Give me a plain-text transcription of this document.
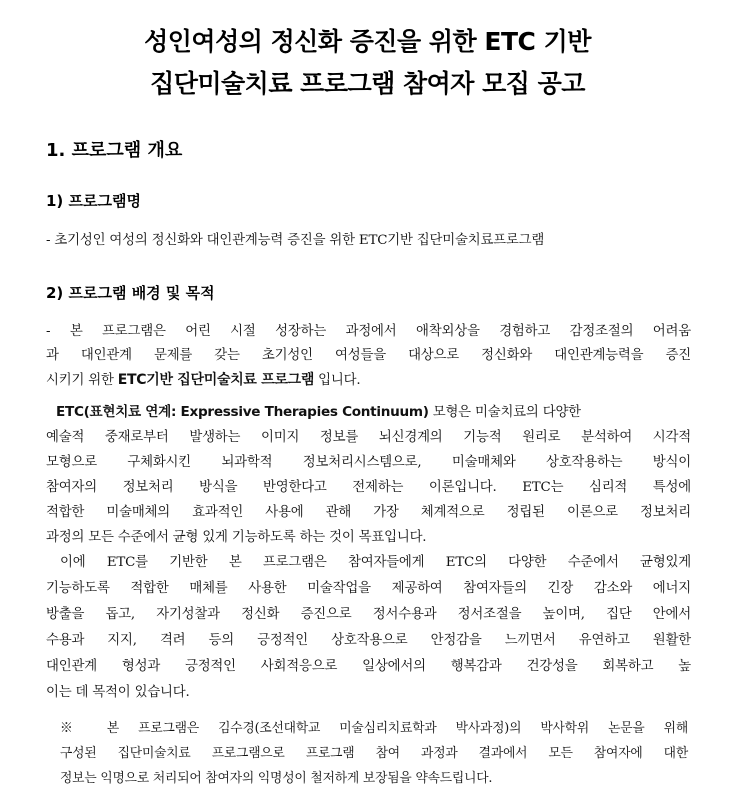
성인여성의 정신화 증진을 위한 ETC 기반
집단미술치료 프로그램 참여자 모집 공고
1. 프로그램 개요
1) 프로그램명
- 초기성인 여성의 정신화와 대인관계능력 증진을 위한 ETC기반 집단미술치료프로그램
2) 프로그램 배경 및 목적
- 본 프로그램은 어린 시절 성장하는 과정에서 애착외상을 경험하고 감정조절의 어려움
과 대인관계 문제를 갖는 초기성인 여성들을 대상으로 정신화와 대인관계능력을 증진
시키기 위한 ETC기반 집단미술치료 프로그램 입니다.
ETC(표현치료 연계: Expressive Therapies Continuum) 모형은 미술치료의 다양한
예술적 중재로부터 발생하는 이미지 정보를 뇌신경계의 기능적 원리로 분석하여 시각적
모형으로 구체화시킨 뇌과학적 정보처리시스템으로, 미술매체와 상호작용하는 방식이
참여자의 정보처리 방식을 반영한다고 전제하는 이론입니다. ETC는 심리적 특성에
적합한 미술매체의 효과적인 사용에 관해 가장 체계적으로 정립된 이론으로 정보처리
과정의 모든 수준에서 균형 있게 기능하도록 하는 것이 목표입니다.
이에 ETC를 기반한 본 프로그램은 참여자들에게 ETC의 다양한 수준에서 균형있게
기능하도록 적합한 매체를 사용한 미술작업을 제공하여 참여자들의 긴장 감소와 에너지
방출을 돕고, 자기성찰과 정신화 증진으로 정서수용과 정서조절을 높이며, 집단 안에서
수용과 지지, 격려 등의 긍정적인 상호작용으로 안정감을 느끼면서 유연하고 원활한
대인관계 형성과 긍정적인 사회적응으로 일상에서의 행복감과 건강성을 회복하고 높
이는 데 목적이 있습니다.
※ 본 프로그램은 김수경(조선대학교 미술심리치료학과 박사과정)의 박사학위 논문을 위해
구성된 집단미술치료 프로그램으로 프로그램 참여 과정과 결과에서 모든 참여자에 대한
정보는 익명으로 처리되어 참여자의 익명성이 철저하게 보장됨을 약속드립니다.
